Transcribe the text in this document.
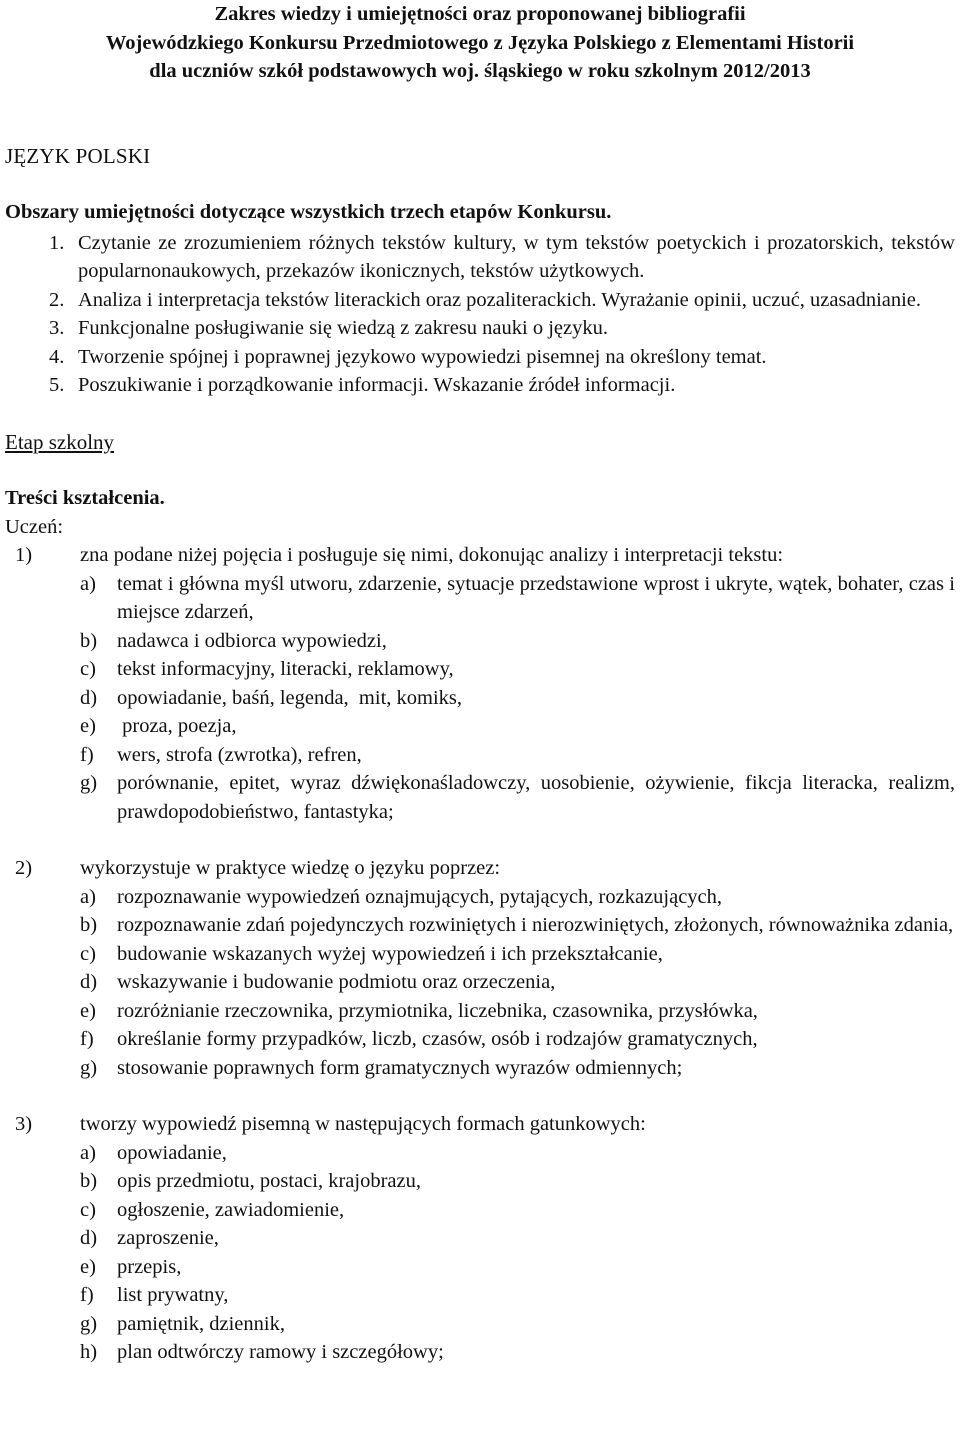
Zakres wiedzy i umiejętności oraz proponowanej bibliografii
Wojewódzkiego Konkursu Przedmiotowego z Języka Polskiego z Elementami Historii
dla uczniów szkół podstawowych woj. śląskiego w roku szkolnym 2012/2013
JĘZYK POLSKI
Obszary umiejętności dotyczące wszystkich trzech etapów Konkursu.
1. Czytanie ze zrozumieniem różnych tekstów kultury, w tym tekstów poetyckich i prozatorskich, tekstów popularnonaukowych, przekazów ikonicznych, tekstów użytkowych.
2. Analiza i interpretacja tekstów literackich oraz pozaliterackich. Wyrażanie opinii, uczuć, uzasadnianie.
3. Funkcjonalne posługiwanie się wiedzą z zakresu nauki o języku.
4. Tworzenie spójnej i poprawnej językowo wypowiedzi pisemnej na określony temat.
5. Poszukiwanie i porządkowanie informacji. Wskazanie źródeł informacji.
Etap szkolny
Treści kształcenia.
Uczeń:
1)	zna podane niżej pojęcia i posługuje się nimi, dokonując analizy i interpretacji tekstu:
a)	temat i główna myśl utworu, zdarzenie, sytuacje przedstawione wprost i ukryte, wątek, bohater, czas i miejsce zdarzeń,
b) nadawca i odbiorca wypowiedzi,
c)	tekst informacyjny, literacki, reklamowy,
d) opowiadanie, baśń, legenda,  mit, komiks,
e)	proza, poezja,
f)	wers, strofa (zwrotka), refren,
g) porównanie, epitet, wyraz dźwiękonaśladowczy, uosobienie, ożywienie, fikcja literacka, realizm, prawdopodobieństwo, fantastyka;
2)	wykorzystuje w praktyce wiedzę o języku poprzez:
a)	rozpoznawanie wypowiedzeń oznajmujących, pytających, rozkazujących,
b) rozpoznawanie zdań pojedynczych rozwiniętych i nierozwiniętych, złożonych, równoważnika zdania,
c)	budowanie wskazanych wyżej wypowiedzeń i ich przekształcanie,
d) wskazywanie i budowanie podmiotu oraz orzeczenia,
e)	rozróżnianie rzeczownika, przymiotnika, liczebnika, czasownika, przysłówka,
f)	określanie formy przypadków, liczb, czasów, osób i rodzajów gramatycznych,
g) stosowanie poprawnych form gramatycznych wyrazów odmiennych;
3)	tworzy wypowiedź pisemną w następujących formach gatunkowych:
a)	opowiadanie,
b) opis przedmiotu, postaci, krajobrazu,
c)	ogłoszenie, zawiadomienie,
d) zaproszenie,
e)	przepis,
f)	list prywatny,
g) pamiętnik, dziennik,
h) plan odtwórczy ramowy i szczegółowy;
